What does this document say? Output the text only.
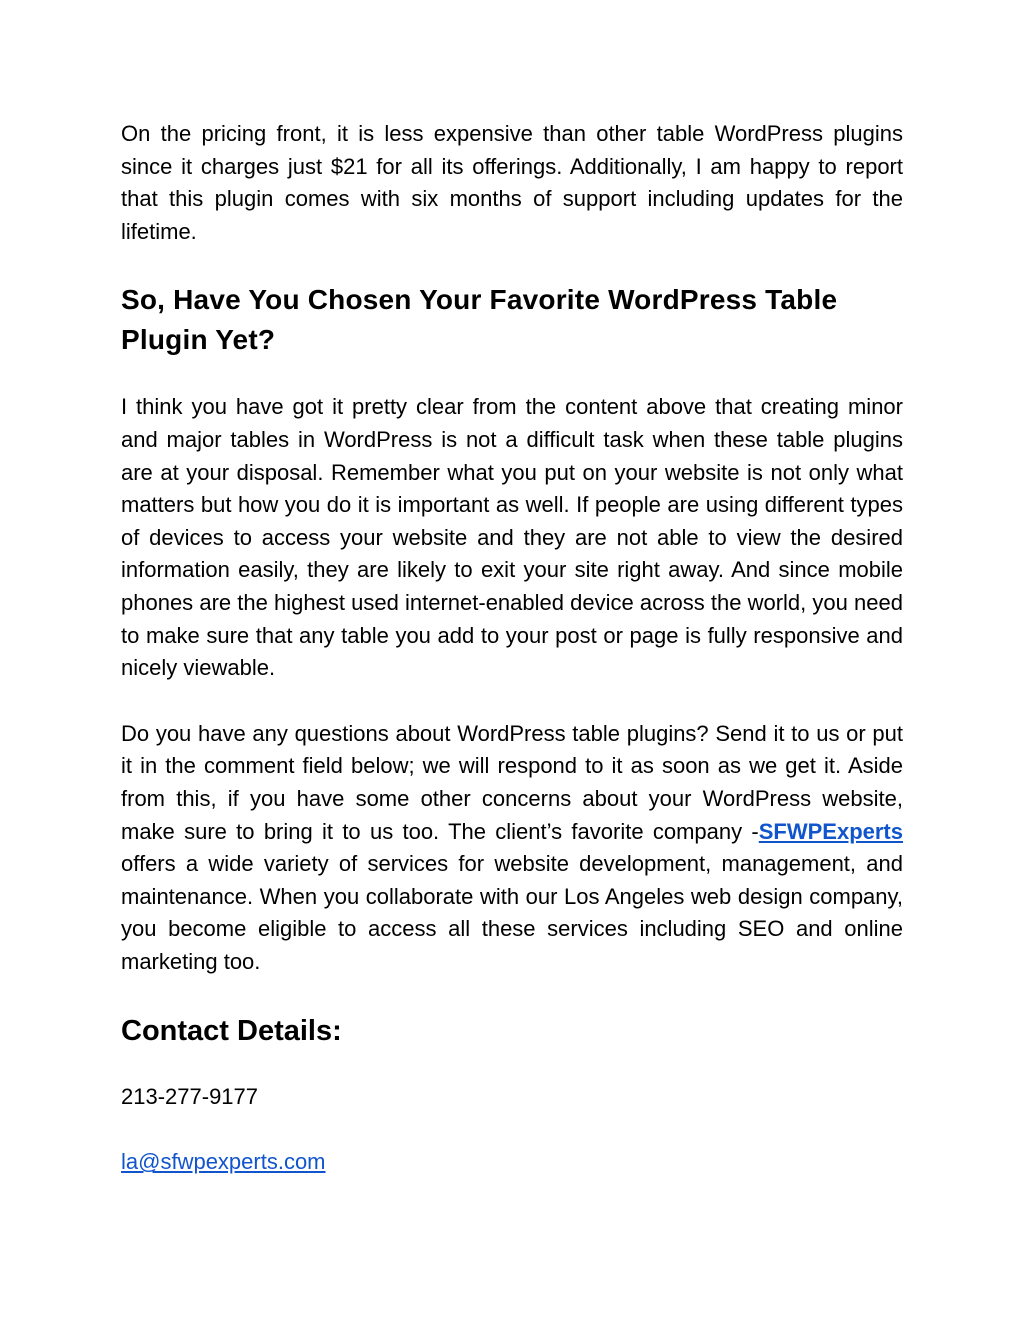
On the pricing front, it is less expensive than other table WordPress plugins since it charges just $21 for all its offerings. Additionally, I am happy to report that this plugin comes with six months of support including updates for the lifetime.

So, Have You Chosen Your Favorite WordPress Table Plugin Yet?

I think you have got it pretty clear from the content above that creating minor and major tables in WordPress is not a difficult task when these table plugins are at your disposal. Remember what you put on your website is not only what matters but how you do it is important as well. If people are using different types of devices to access your website and they are not able to view the desired information easily, they are likely to exit your site right away. And since mobile phones are the highest used internet-enabled device across the world, you need to make sure that any table you add to your post or page is fully responsive and nicely viewable.

Do you have any questions about WordPress table plugins? Send it to us or put it in the comment field below; we will respond to it as soon as we get it. Aside from this, if you have some other concerns about your WordPress website, make sure to bring it to us too. The client’s favorite company -SFWPExperts offers a wide variety of services for website development, management, and maintenance. When you collaborate with our Los Angeles web design company, you become eligible to access all these services including SEO and online marketing too.

Contact Details:

213-277-9177

la@sfwpexperts.com
